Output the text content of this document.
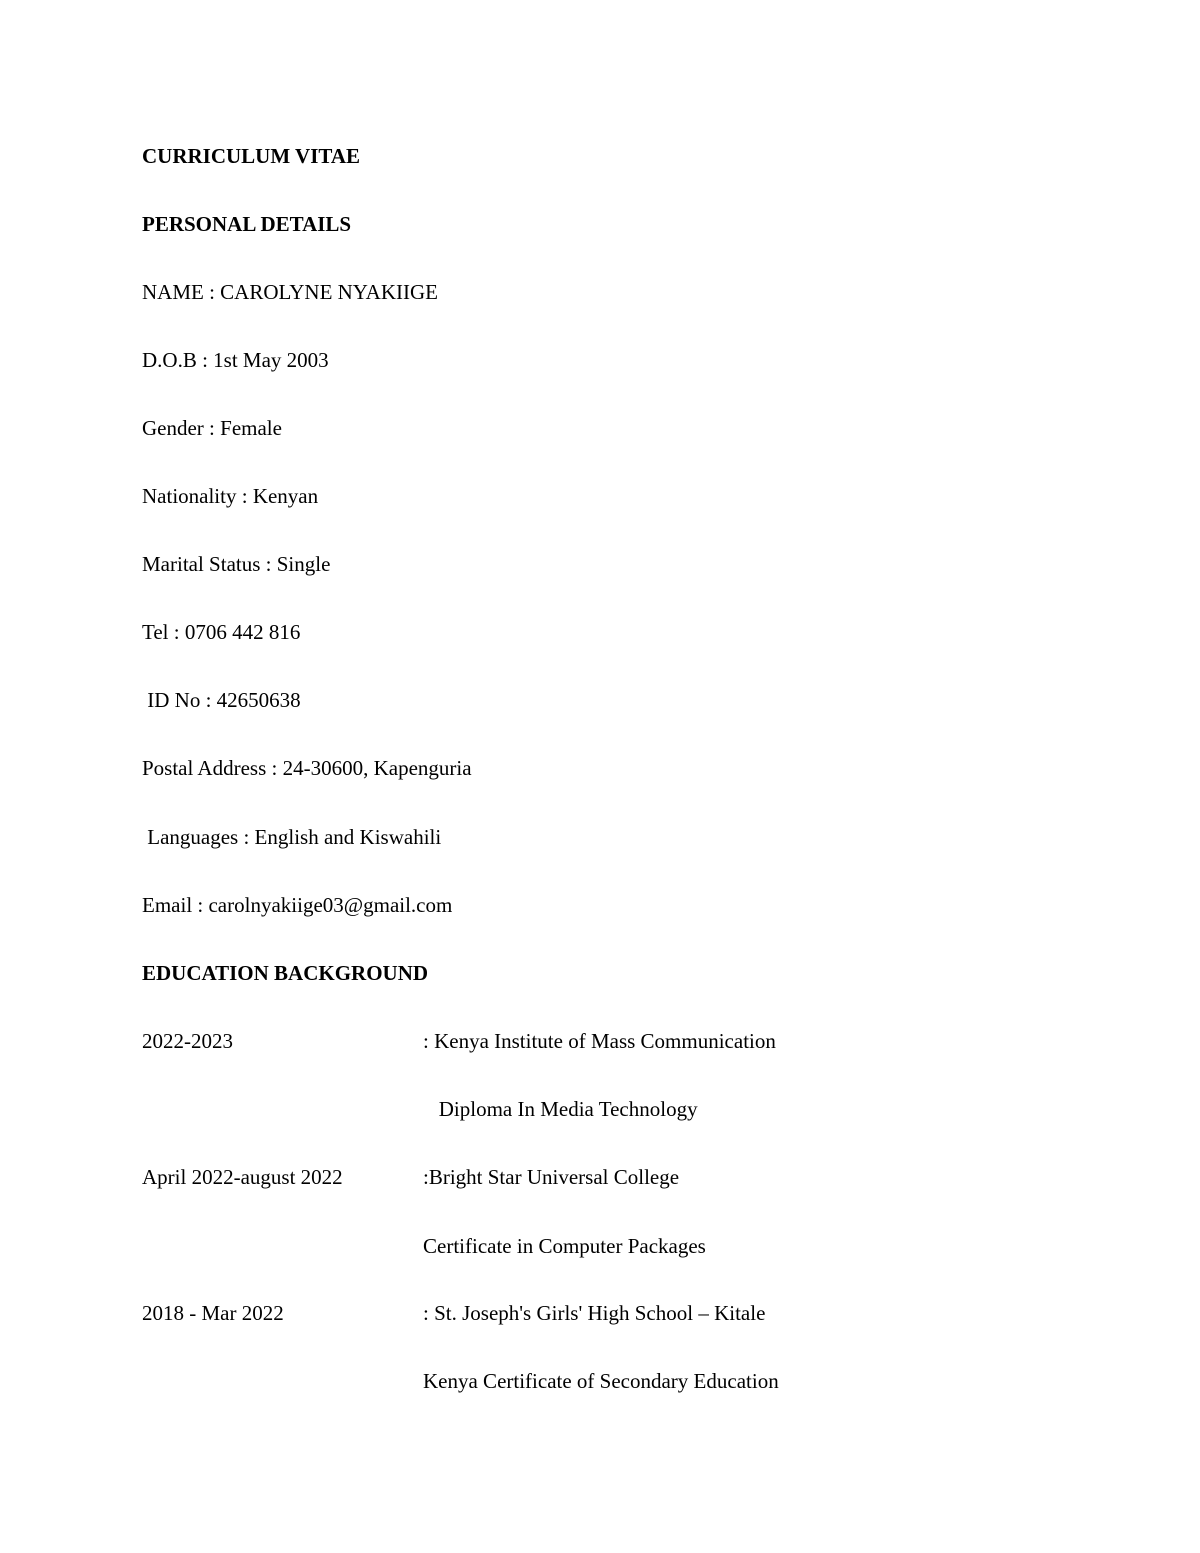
CURRICULUM VITAE
PERSONAL DETAILS
NAME : CAROLYNE NYAKIIGE
D.O.B : 1st May 2003
Gender : Female
Nationality : Kenyan
Marital Status : Single
Tel : 0706 442 816
ID No : 42650638
Postal Address : 24-30600, Kapenguria
Languages : English and Kiswahili
Email : carolnyakiige03@gmail.com
EDUCATION BACKGROUND
2022-2023	: Kenya Institute of Mass Communication
Diploma In Media Technology
April 2022-august 2022	:Bright Star Universal College
Certificate in Computer Packages
2018 - Mar 2022	: St. Joseph's Girls' High School – Kitale
Kenya Certificate of Secondary Education
